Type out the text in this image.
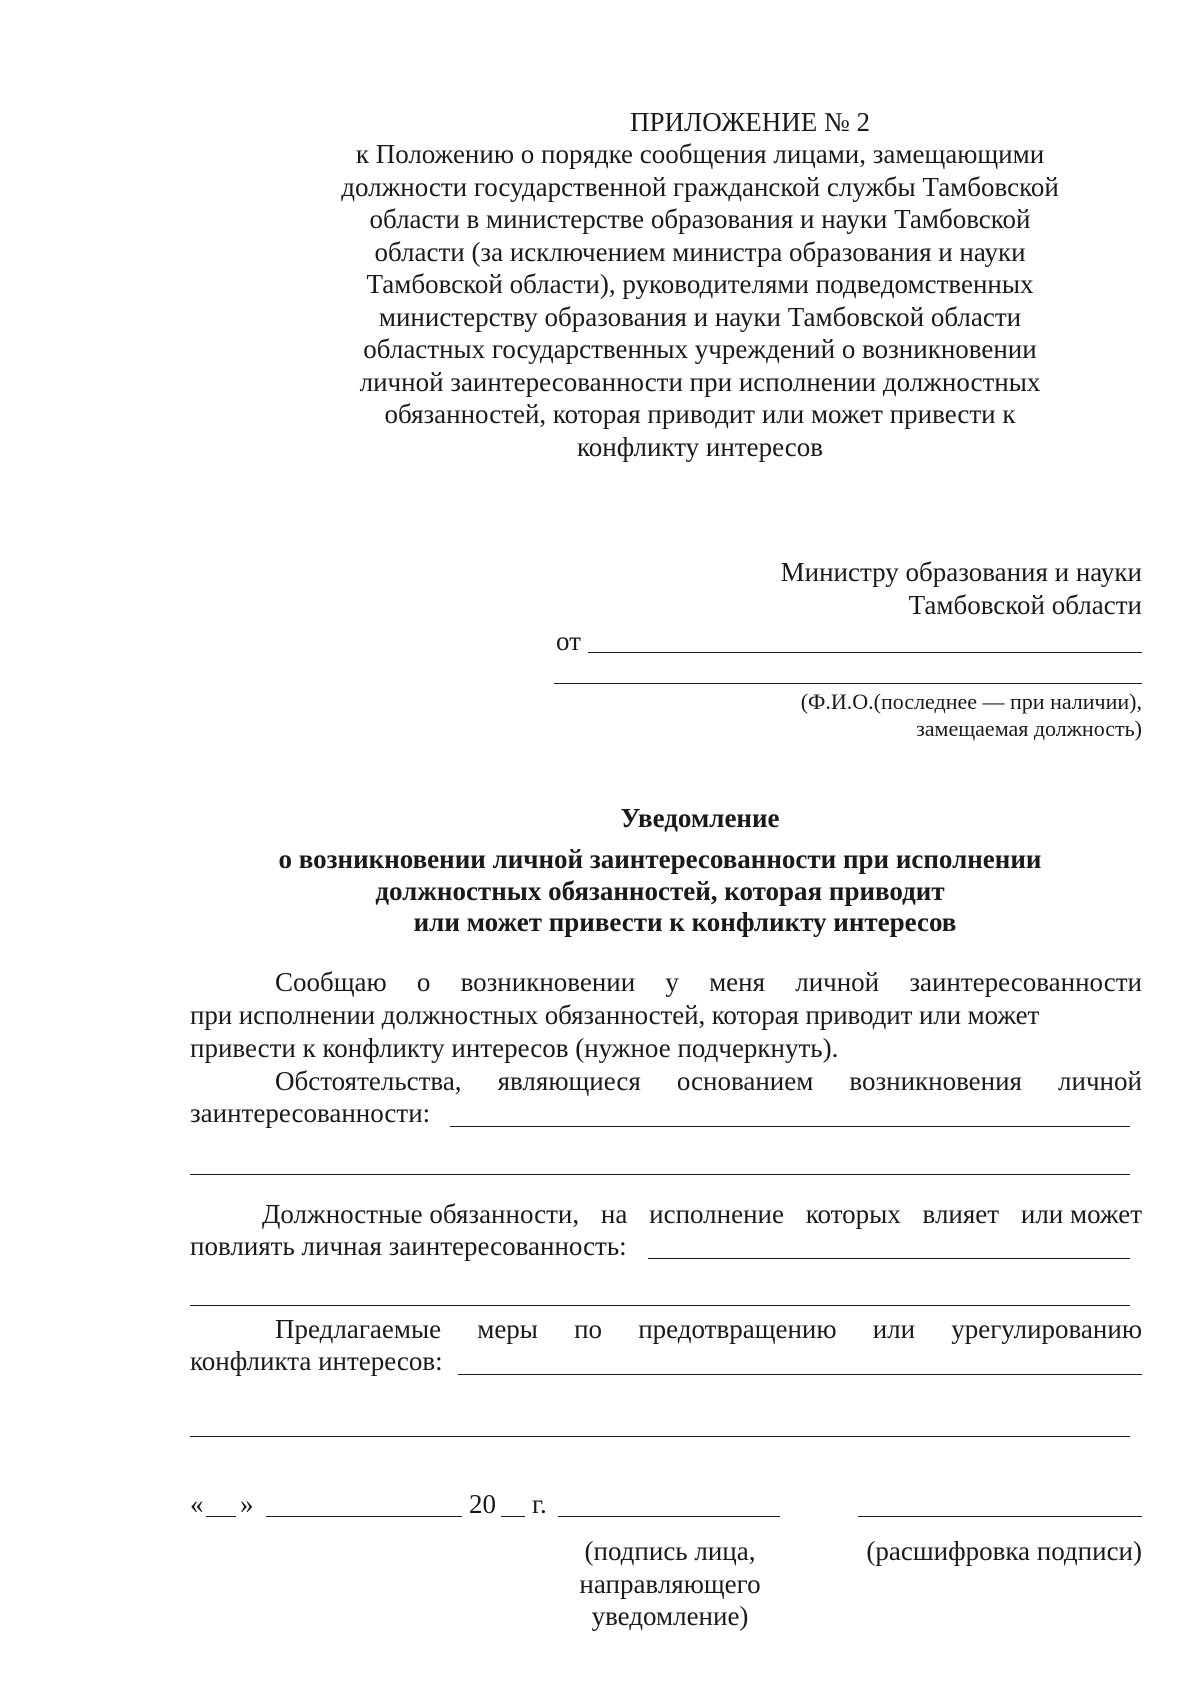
ПРИЛОЖЕНИЕ № 2
к Положению о порядке сообщения лицами, замещающими
должности государственной гражданской службы Тамбовской
области в министерстве образования и науки Тамбовской
области (за исключением министра образования и науки
Тамбовской области), руководителями подведомственных
министерству образования и науки Тамбовской области
областных государственных учреждений о возникновении
личной заинтересованности при исполнении должностных
обязанностей, которая приводит или может привести к
конфликту интересов
Министру образования и науки
Тамбовской области
от
(Ф.И.О.(последнее — при наличии),
замещаемая должность)
Уведомление
о возникновении личной заинтересованности при исполнении
должностных обязанностей, которая приводит
или может привести к конфликту интересов
Сообщаю о возникновении у меня личной заинтересованности
при исполнении должностных обязанностей, которая приводит или может
привести к конфликту интересов (нужное подчеркнуть).
Обстоятельства, являющиеся основанием возникновения личной
заинтересованности:
Должностные обязанности, на исполнение которых влияет или может
повлиять личная заинтересованность:
Предлагаемые меры по предотвращению или урегулированию
конфликта интересов:
« »	20 г.
(подпись лица,
направляющего
уведомление)
(расшифровка подписи)
